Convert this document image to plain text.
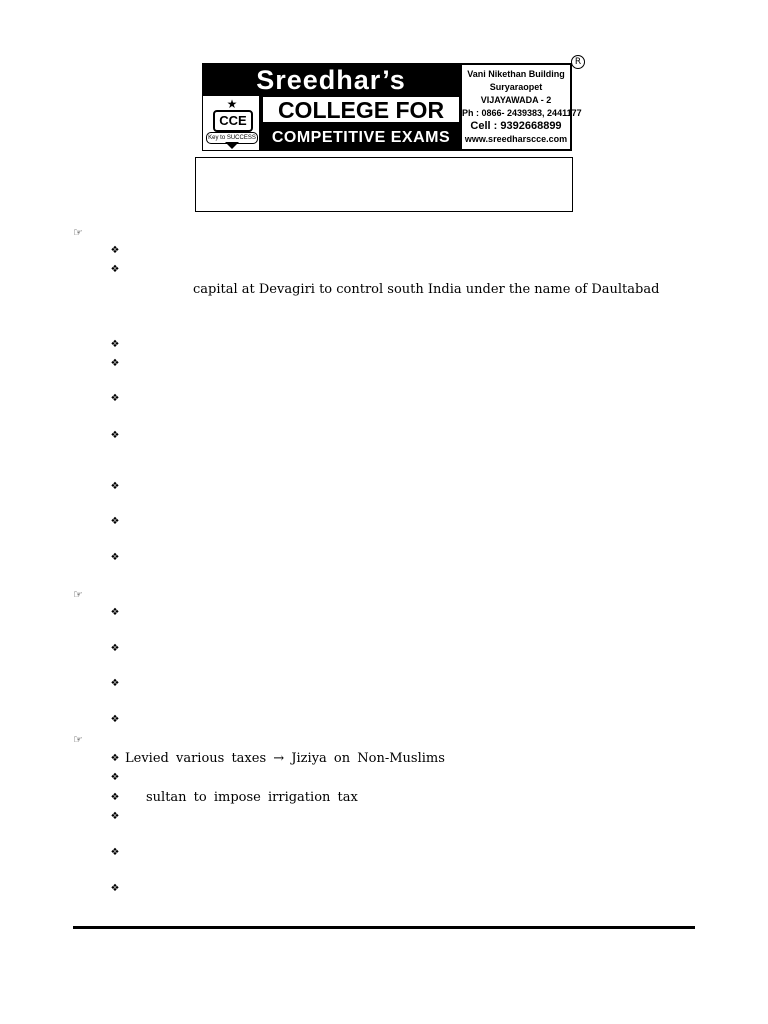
Sreedhar’s
★
CCE
Key to SUCCESS
COLLEGE FOR
COMPETITIVE EXAMS
Vani Nikethan Building
Suryaraopet
VIJAYAWADA - 2
Ph : 0866- 2439383, 2441177
Cell : 9392668899
www.sreedharscce.com
R
☞
❖
❖
capital at Devagiri to control south India under the name of Daultabad
❖
❖
❖
❖
❖
❖
❖
☞
❖
❖
❖
❖
☞
❖ Levied various taxes → Jiziya on Non-Muslims
❖
❖ sultan to impose irrigation tax
❖
❖
❖
